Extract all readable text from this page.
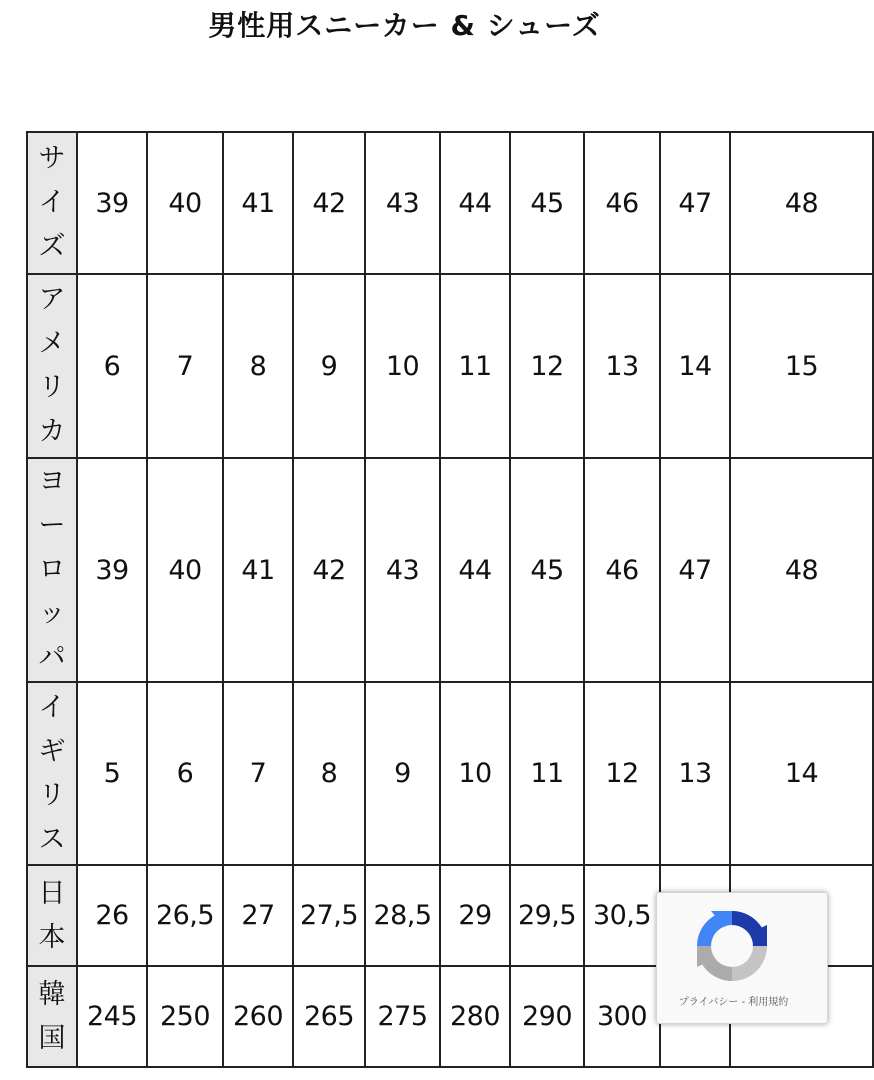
男性用スニーカー & シューズ
サイズ	39	40	41	42	43	44	45	46	47	48
アメリカ	6	7	8	9	10	11	12	13	14	15
ヨーロッパ	39	40	41	42	43	44	45	46	47	48
イギリス	5	6	7	8	9	10	11	12	13	14
日本	26	26,5	27	27,5	28,5	29	29,5	30,5		
韓国	245	250	260	265	275	280	290	300			プライバシー - 利用規約
